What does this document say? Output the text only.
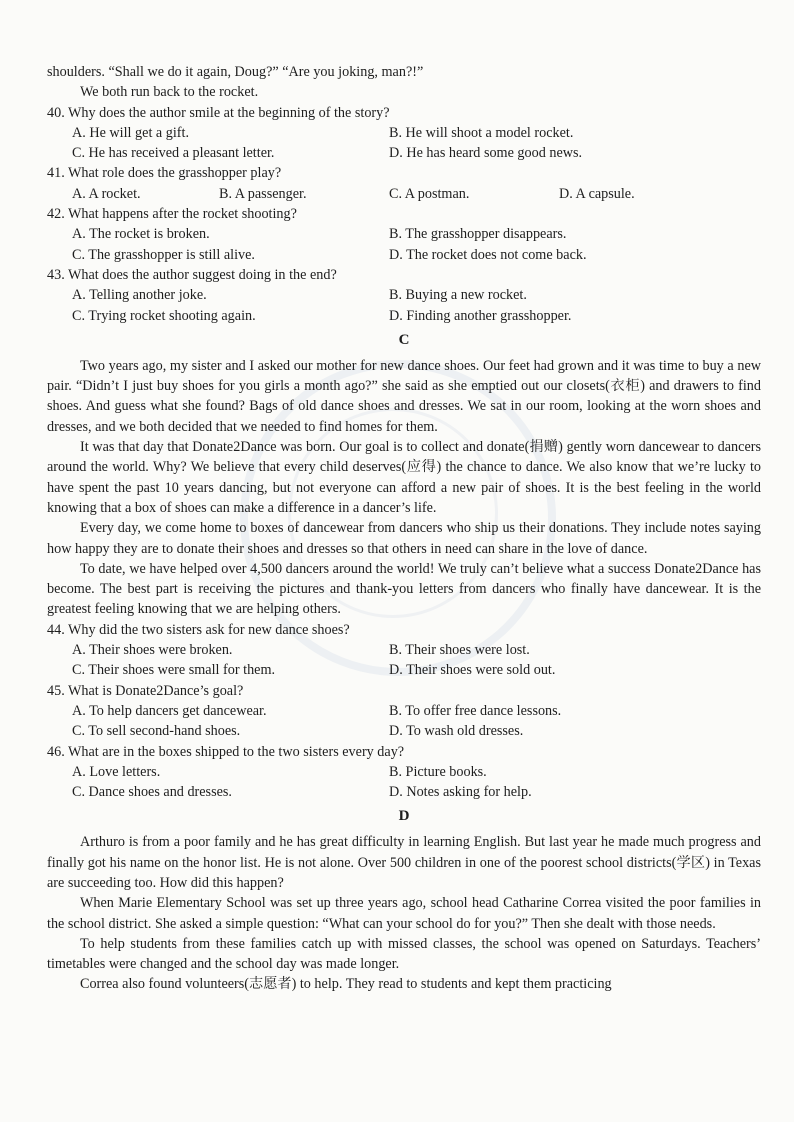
shoulders. “Shall we do it again, Doug?” “Are you joking, man?!”
We both run back to the rocket.
40. Why does the author smile at the beginning of the story?
A. He will get a gift.	B. He will shoot a model rocket.
C. He has received a pleasant letter.	D. He has heard some good news.
41. What role does the grasshopper play?
A. A rocket.	B. A passenger.	C. A postman.	D. A capsule.
42. What happens after the rocket shooting?
A. The rocket is broken.	B. The grasshopper disappears.
C. The grasshopper is still alive.	D. The rocket does not come back.
43. What does the author suggest doing in the end?
A. Telling another joke.	B. Buying a new rocket.
C. Trying rocket shooting again.	D. Finding another grasshopper.
C

Two years ago, my sister and I asked our mother for new dance shoes. Our feet had grown and it was time to buy a new pair. “Didn’t I just buy shoes for you girls a month ago?” she said as she emptied out our closets(衣柜) and drawers to find shoes. And guess what she found? Bags of old dance shoes and dresses. We sat in our room, looking at the worn shoes and dresses, and we both decided that we needed to find homes for them.

It was that day that Donate2Dance was born. Our goal is to collect and donate(捐赠) gently worn dancewear to dancers around the world. Why? We believe that every child deserves(应得) the chance to dance. We also know that we’re lucky to have spent the past 10 years dancing, but not everyone can afford a new pair of shoes. It is the best feeling in the world knowing that a box of shoes can make a difference in a dancer’s life.

Every day, we come home to boxes of dancewear from dancers who ship us their donations. They include notes saying how happy they are to donate their shoes and dresses so that others in need can share in the love of dance.

To date, we have helped over 4,500 dancers around the world! We truly can’t believe what a success Donate2Dance has become. The best part is receiving the pictures and thank-you letters from dancers who finally have dancewear. It is the greatest feeling knowing that we are helping others.

44. Why did the two sisters ask for new dance shoes?
A. Their shoes were broken.	B. Their shoes were lost.
C. Their shoes were small for them.	D. Their shoes were sold out.
45. What is Donate2Dance’s goal?
A. To help dancers get dancewear.	B. To offer free dance lessons.
C. To sell second-hand shoes.	D. To wash old dresses.
46. What are in the boxes shipped to the two sisters every day?
A. Love letters.	B. Picture books.
C. Dance shoes and dresses.	D. Notes asking for help.
D

Arthuro is from a poor family and he has great difficulty in learning English. But last year he made much progress and finally got his name on the honor list. He is not alone. Over 500 children in one of the poorest school districts(学区) in Texas are succeeding too. How did this happen?

When Marie Elementary School was set up three years ago, school head Catharine Correa visited the poor families in the school district. She asked a simple question: “What can your school do for you?” Then she dealt with those needs.

To help students from these families catch up with missed classes, the school was opened on Saturdays. Teachers’ timetables were changed and the school day was made longer.

Correa also found volunteers(志愿者) to help. They read to students and kept them practicing
